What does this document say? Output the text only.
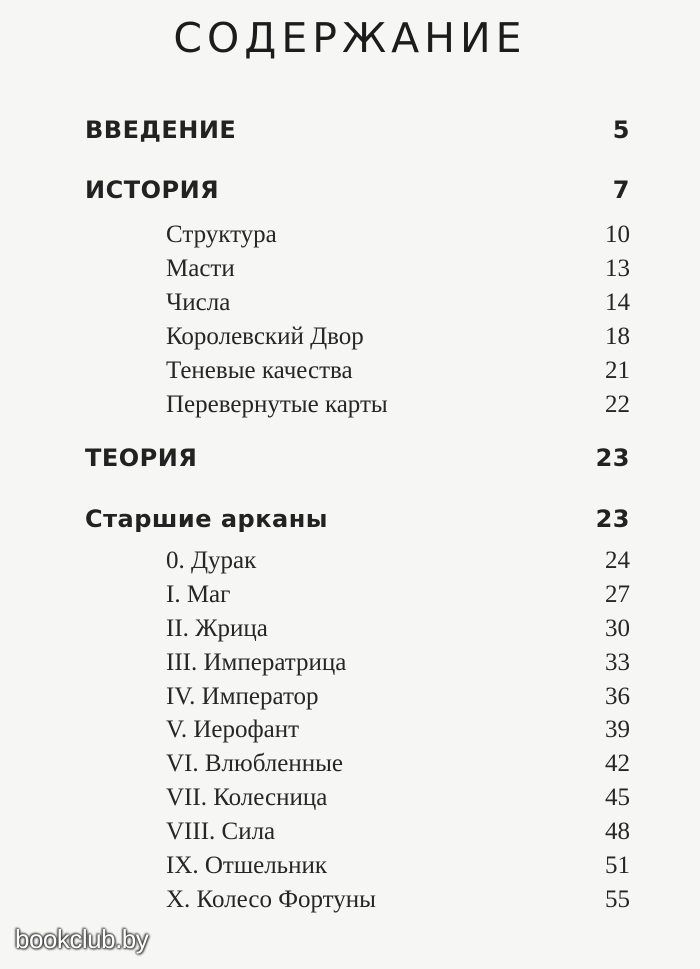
СОДЕРЖАНИЕ
ВВЕДЕНИЕ	5
ИСТОРИЯ	7
Структура	10
Масти	13
Числа	14
Королевский Двор	18
Теневые качества	21
Перевернутые карты	22
ТЕОРИЯ	23
Старшие арканы	23
0. Дурак	24
I. Маг	27
II. Жрица	30
III. Императрица	33
IV. Император	36
V. Иерофант	39
VI. Влюбленные	42
VII. Колесница	45
VIII. Сила	48
IX. Отшельник	51
X. Колесо Фортуны	55
bookclub.by
